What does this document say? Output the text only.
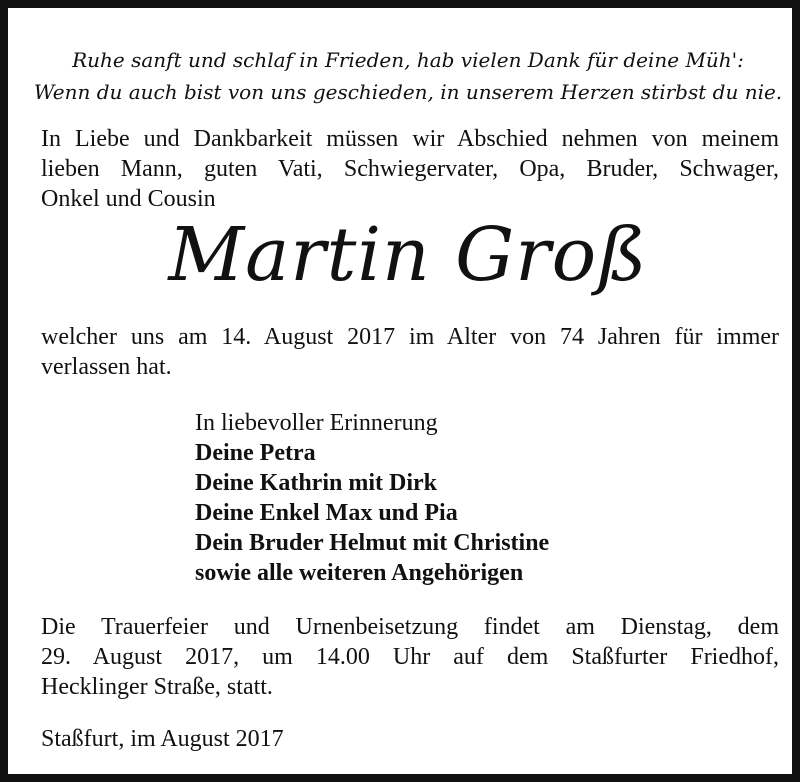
Ruhe sanft und schlaf in Frieden, hab vielen Dank für deine Müh':

Wenn du auch bist von uns geschieden, in unserem Herzen stirbst du nie.

In Liebe und Dankbarkeit müssen wir Abschied nehmen von meinem

lieben Mann, guten Vati, Schwiegervater, Opa, Bruder, Schwager,

Onkel und Cousin

Martin Groß

welcher uns am 14. August 2017 im Alter von 74 Jahren für immer

verlassen hat.

In liebevoller Erinnerung

Deine Petra

Deine Kathrin mit Dirk

Deine Enkel Max und Pia

Dein Bruder Helmut mit Christine

sowie alle weiteren Angehörigen

Die Trauerfeier und Urnenbeisetzung findet am Dienstag, dem

29. August 2017, um 14.00 Uhr auf dem Staßfurter Friedhof,

Hecklinger Straße, statt.

Staßfurt, im August 2017
